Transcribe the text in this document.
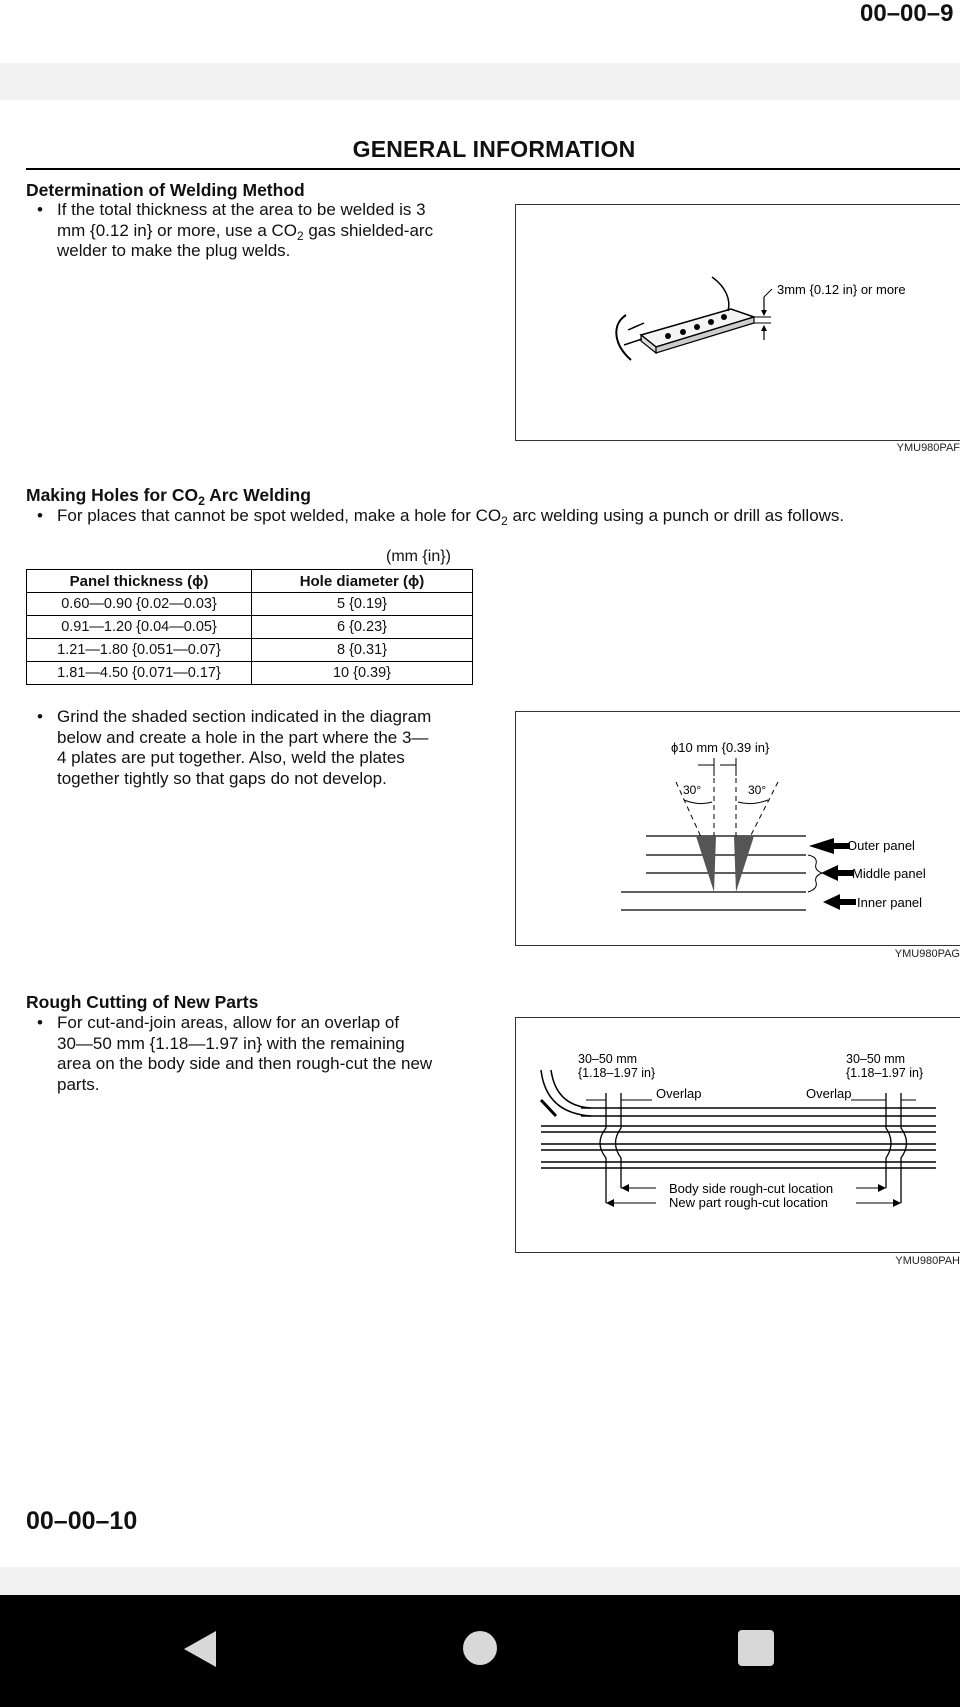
00–00–9
GENERAL INFORMATION
Determination of Welding Method
• If the total thickness at the area to be welded is 3
mm {0.12 in} or more, use a $CO_2$ gas shielded-arc
welder to make the plug welds.
3mm {0.12 in} or more
YMU980PAF
Making Holes for $CO_2$ Arc Welding
• For places that cannot be spot welded, make a hole for $CO_2$ arc welding using a punch or drill as follows.
(mm {in})
Panel thickness (ϕ)	Hole diameter (ϕ)
0.60—0.90 {0.02—0.03}	5 {0.19}
0.91—1.20 {0.04—0.05}	6 {0.23}
1.21—1.80 {0.051—0.07}	8 {0.31}
1.81—4.50 {0.071—0.17}	10 {0.39}
• Grind the shaded section indicated in the diagram
below and create a hole in the part where the 3—
4 plates are put together. Also, weld the plates
together tightly so that gaps do not develop.
ϕ10 mm {0.39 in}
30°	30°
Outer panel
Middle panel
Inner panel
YMU980PAG
Rough Cutting of New Parts
• For cut-and-join areas, allow for an overlap of
30—50 mm {1.18—1.97 in} with the remaining
area on the body side and then rough-cut the new
parts.
30–50 mm
{1.18–1.97 in}
30–50 mm
{1.18–1.97 in}
Overlap	Overlap
Body side rough-cut location
New part rough-cut location
YMU980PAH
00–00–10
